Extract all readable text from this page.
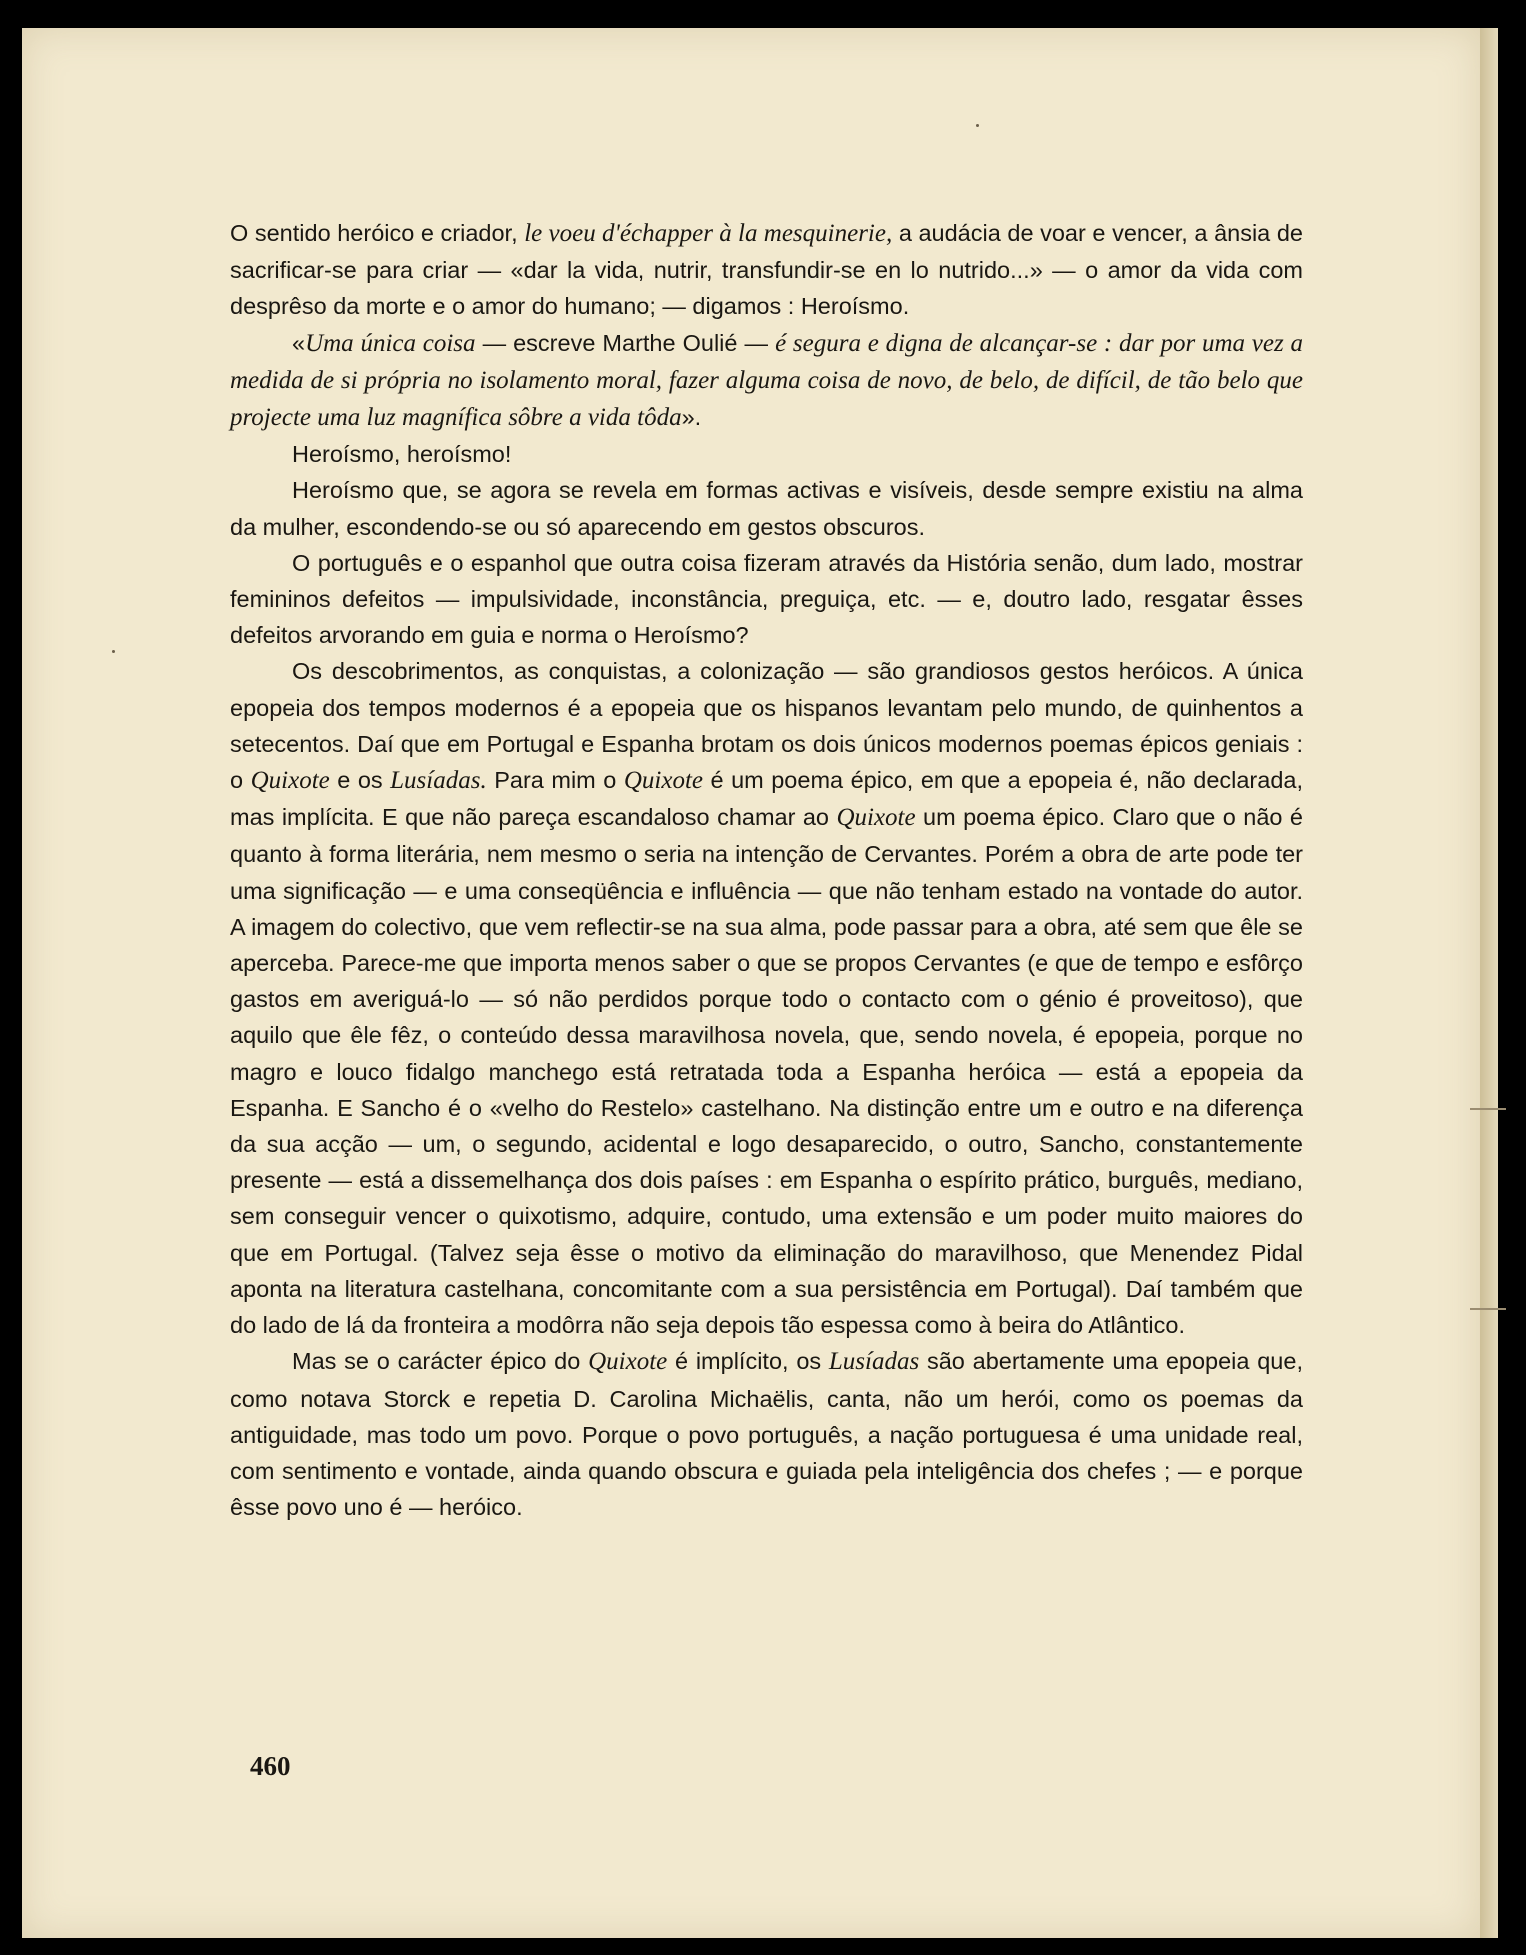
O sentido heróico e criador, le voeu d'échapper à la mesquinerie, a audácia de voar e vencer, a ânsia de sacrificar-se para criar — «dar la vida, nutrir, transfundir-se en lo nutrido...» — o amor da vida com desprêso da morte e o amor do humano; — digamos : Heroísmo.

«Uma única coisa — escreve Marthe Oulié — é segura e digna de alcançar-se : dar por uma vez a medida de si própria no isolamento moral, fazer alguma coisa de novo, de belo, de difícil, de tão belo que projecte uma luz magnífica sôbre a vida tôda».

Heroísmo, heroísmo!

Heroísmo que, se agora se revela em formas activas e visíveis, desde sempre existiu na alma da mulher, escondendo-se ou só aparecendo em gestos obscuros.

O português e o espanhol que outra coisa fizeram através da História senão, dum lado, mostrar femininos defeitos — impulsividade, inconstância, preguiça, etc. — e, doutro lado, resgatar êsses defeitos arvorando em guia e norma o Heroísmo?

Os descobrimentos, as conquistas, a colonização — são grandiosos gestos heróicos. A única epopeia dos tempos modernos é a epopeia que os hispanos levantam pelo mundo, de quinhentos a setecentos. Daí que em Portugal e Espanha brotam os dois únicos modernos poemas épicos geniais : o Quixote e os Lusíadas. Para mim o Quixote é um poema épico, em que a epopeia é, não declarada, mas implícita. E que não pareça escandaloso chamar ao Quixote um poema épico. Claro que o não é quanto à forma literária, nem mesmo o seria na intenção de Cervantes. Porém a obra de arte pode ter uma significação — e uma conseqüência e influência — que não tenham estado na vontade do autor. A imagem do colectivo, que vem reflectir-se na sua alma, pode passar para a obra, até sem que êle se aperceba. Parece-me que importa menos saber o que se propos Cervantes (e que de tempo e esfôrço gastos em averiguá-lo — só não perdidos porque todo o contacto com o génio é proveitoso), que aquilo que êle fêz, o conteúdo dessa maravilhosa novela, que, sendo novela, é epopeia, porque no magro e louco fidalgo manchego está retratada toda a Espanha heróica — está a epopeia da Espanha. E Sancho é o «velho do Restelo» castelhano. Na distinção entre um e outro e na diferença da sua acção — um, o segundo, acidental e logo desaparecido, o outro, Sancho, constantemente presente — está a dissemelhança dos dois países : em Espanha o espírito prático, burguês, mediano, sem conseguir vencer o quixotismo, adquire, contudo, uma extensão e um poder muito maiores do que em Portugal. (Talvez seja êsse o motivo da eliminação do maravilhoso, que Menendez Pidal aponta na literatura castelhana, concomitante com a sua persistência em Portugal). Daí também que do lado de lá da fronteira a modôrra não seja depois tão espessa como à beira do Atlântico.

Mas se o carácter épico do Quixote é implícito, os Lusíadas são abertamente uma epopeia que, como notava Storck e repetia D. Carolina Michaëlis, canta, não um herói, como os poemas da antiguidade, mas todo um povo. Porque o povo português, a nação portuguesa é uma unidade real, com sentimento e vontade, ainda quando obscura e guiada pela inteligência dos chefes ; — e porque êsse povo uno é — heróico.

460
